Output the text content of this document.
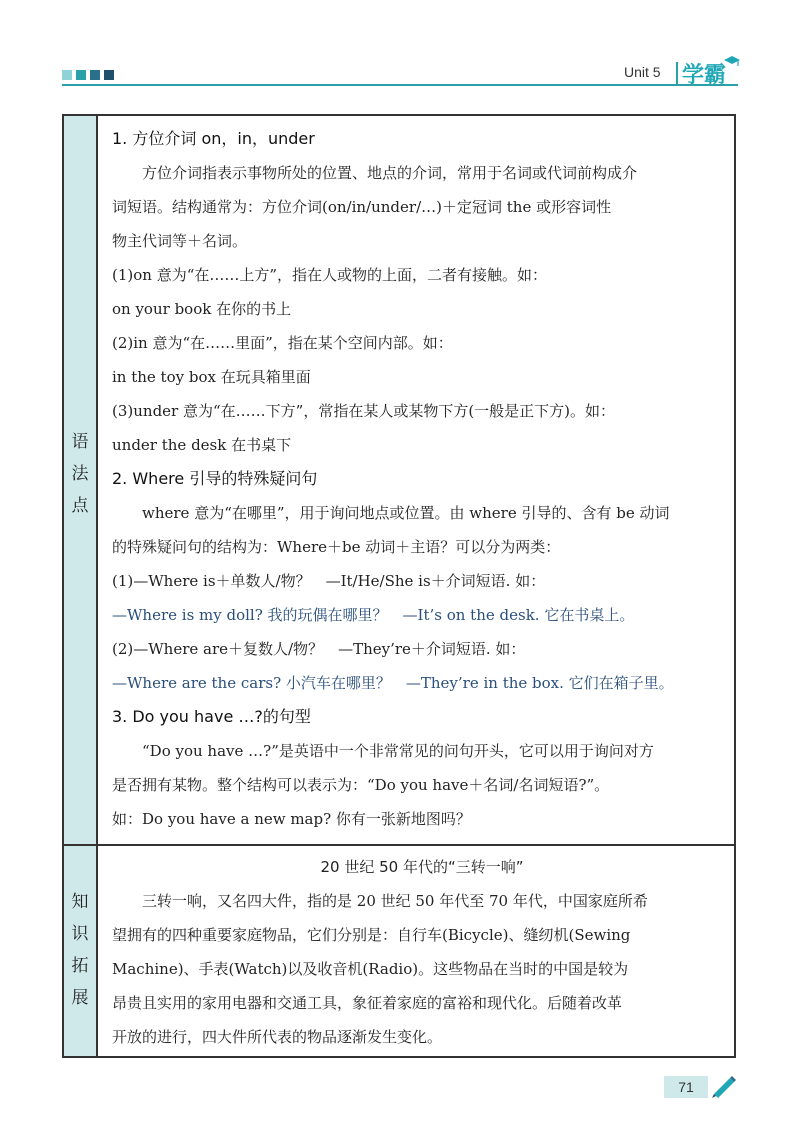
Unit 5 学霸
语
法
点
知
识
拓
展

1. 方位介词 on，in，under

方位介词指表示事物所处的位置、地点的介词，常用于名词或代词前构成介

词短语。结构通常为：方位介词(on/in/under/…)＋定冠词 the 或形容词性

物主代词等＋名词。

(1)on 意为“在……上方”，指在人或物的上面，二者有接触。如：

on your book 在你的书上

(2)in 意为“在……里面”，指在某个空间内部。如：

in the toy box 在玩具箱里面

(3)under 意为“在……下方”，常指在某人或某物下方(一般是正下方)。如：

under the desk 在书桌下

2. Where 引导的特殊疑问句

where 意为“在哪里”，用于询问地点或位置。由 where 引导的、含有 be 动词

的特殊疑问句的结构为：Where＋be 动词＋主语？可以分为两类：

(1)—Where is＋单数人/物？　—It/He/She is＋介词短语. 如：

—Where is my doll? 我的玩偶在哪里？　—It’s on the desk. 它在书桌上。

(2)—Where are＋复数人/物？　—They’re＋介词短语. 如：

—Where are the cars? 小汽车在哪里？　—They’re in the box. 它们在箱子里。

3. Do you have …?的句型

“Do you have …?”是英语中一个非常常见的问句开头，它可以用于询问对方

是否拥有某物。整个结构可以表示为：“Do you have＋名词/名词短语?”。

如：Do you have a new map? 你有一张新地图吗？

20 世纪 50 年代的“三转一响”

三转一响，又名四大件，指的是 20 世纪 50 年代至 70 年代，中国家庭所希

望拥有的四种重要家庭物品，它们分别是：自行车(Bicycle)、缝纫机(Sewing

Machine)、手表(Watch)以及收音机(Radio)。这些物品在当时的中国是较为

昂贵且实用的家用电器和交通工具，象征着家庭的富裕和现代化。后随着改革

开放的进行，四大件所代表的物品逐渐发生变化。

71
